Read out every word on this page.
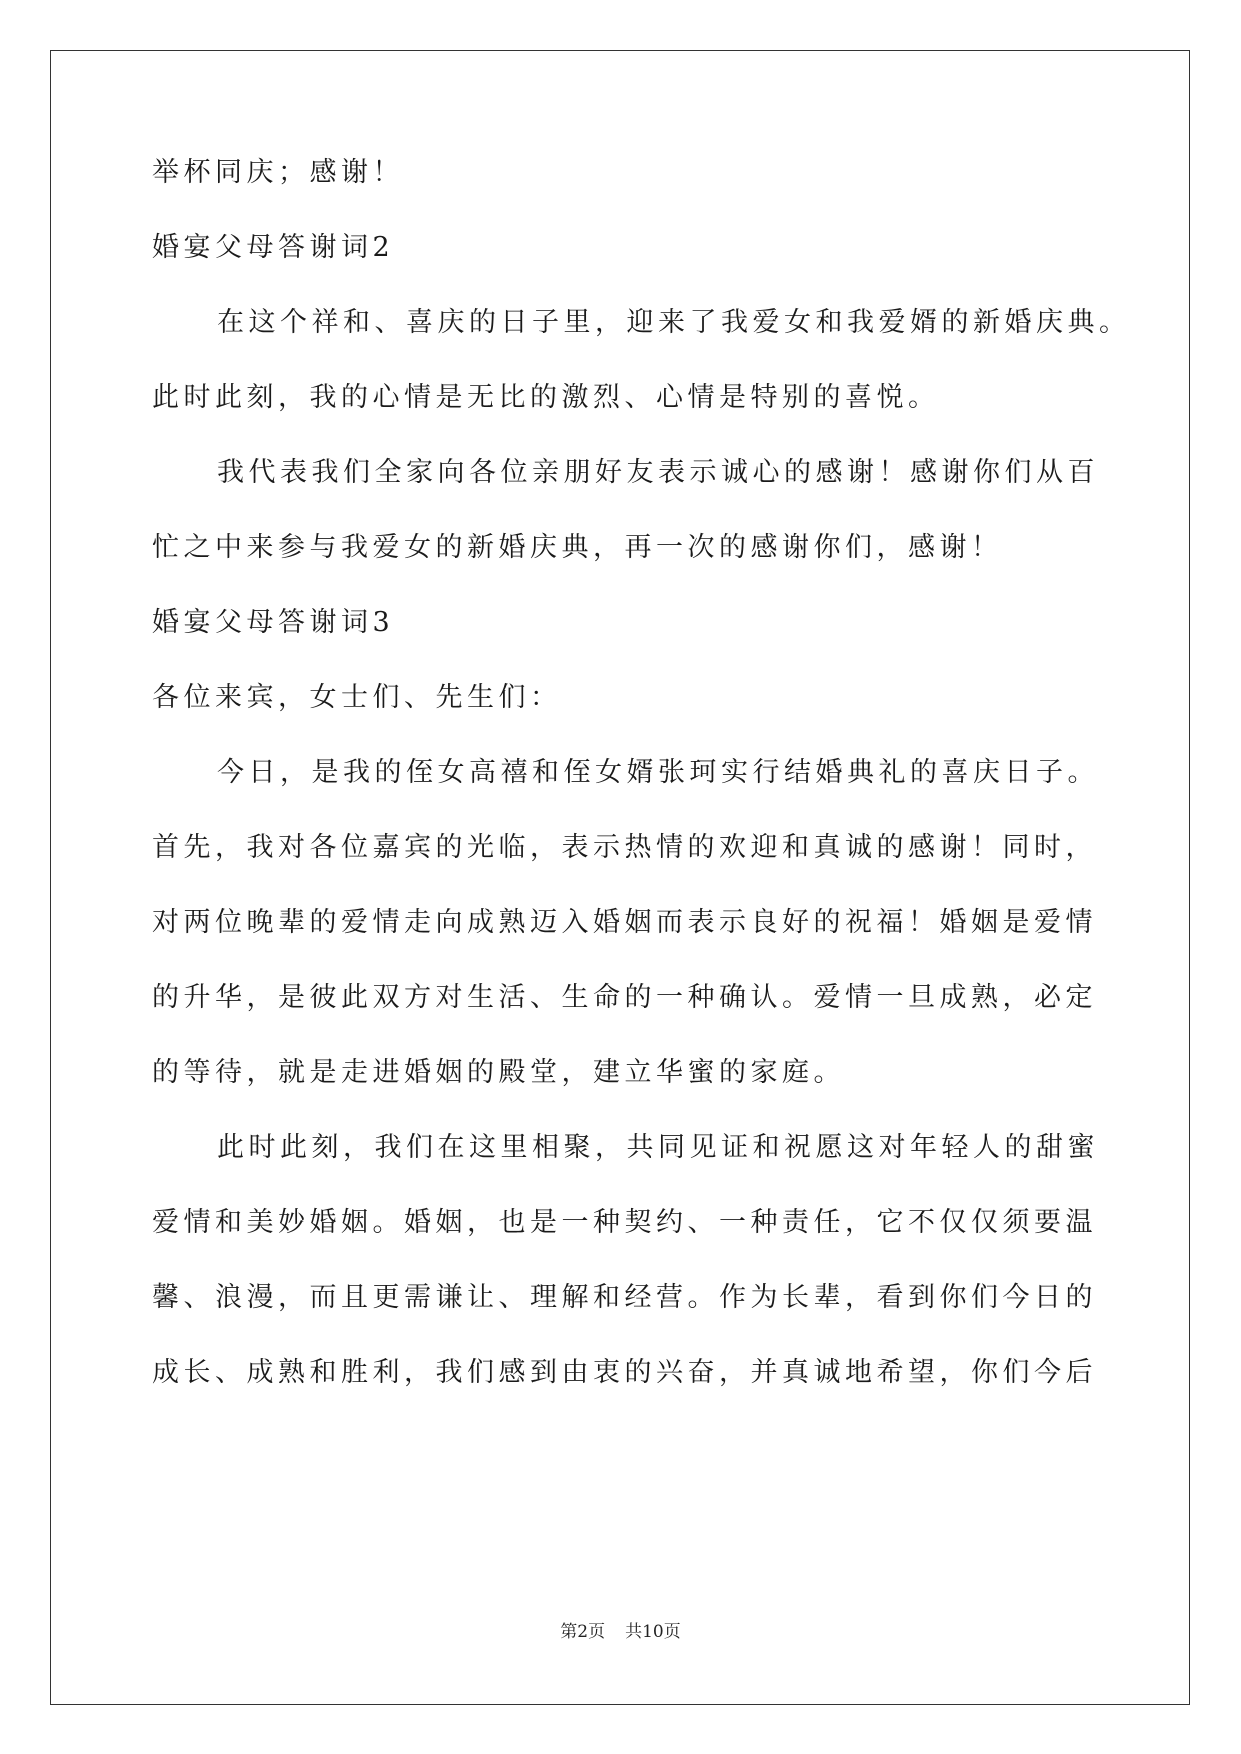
举杯同庆；感谢！
婚宴父母答谢词2
在这个祥和、喜庆的日子里，迎来了我爱女和我爱婿的新婚庆典。
此时此刻，我的心情是无比的激烈、心情是特别的喜悦。
我代表我们全家向各位亲朋好友表示诚心的感谢！感谢你们从百
忙之中来参与我爱女的新婚庆典，再一次的感谢你们，感谢！
婚宴父母答谢词3
各位来宾，女士们、先生们：
今日，是我的侄女高禧和侄女婿张珂实行结婚典礼的喜庆日子。
首先，我对各位嘉宾的光临，表示热情的欢迎和真诚的感谢！同时，
对两位晚辈的爱情走向成熟迈入婚姻而表示良好的祝福！婚姻是爱情
的升华，是彼此双方对生活、生命的一种确认。爱情一旦成熟，必定
的等待，就是走进婚姻的殿堂，建立华蜜的家庭。
此时此刻，我们在这里相聚，共同见证和祝愿这对年轻人的甜蜜
爱情和美妙婚姻。婚姻，也是一种契约、一种责任，它不仅仅须要温
馨、浪漫，而且更需谦让、理解和经营。作为长辈，看到你们今日的
成长、成熟和胜利，我们感到由衷的兴奋，并真诚地希望，你们今后
第2页 共10页
